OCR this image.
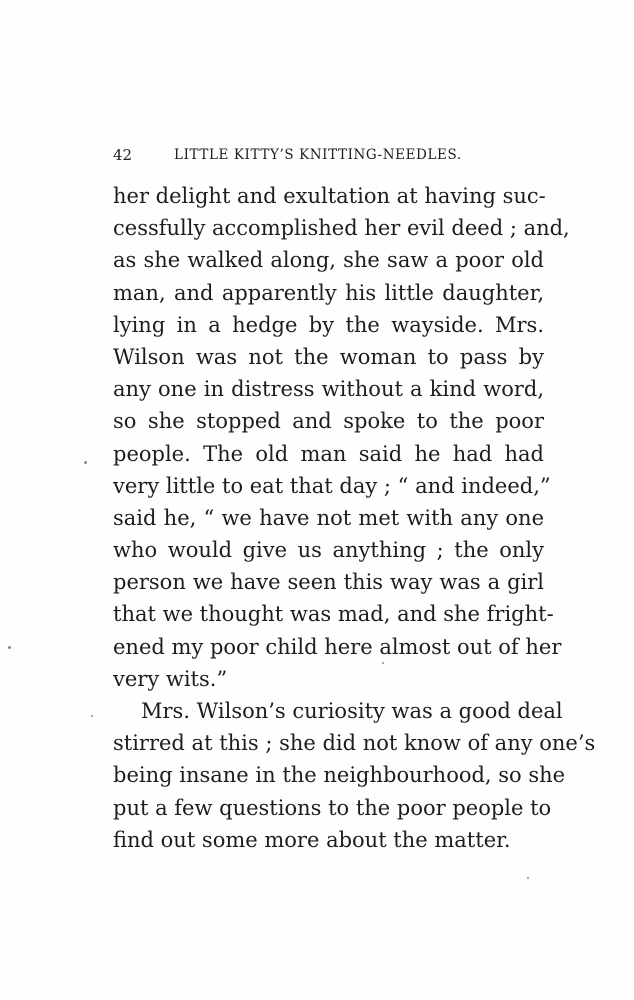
42	LITTLE KITTY’S KNITTING-NEEDLES.
her delight and exultation at having suc-
cessfully accomplished her evil deed ; and,
as she walked along, she saw a poor old
man, and apparently his little daughter,
lying in a hedge by the wayside. Mrs.
Wilson was not the woman to pass by
any one in distress without a kind word,
so she stopped and spoke to the poor
people. The old man said he had had
very little to eat that day ; “ and indeed,”
said he, “ we have not met with any one
who would give us anything ; the only
person we have seen this way was a girl
that we thought was mad, and she fright-
ened my poor child here almost out of her
very wits.”
Mrs. Wilson’s curiosity was a good deal
stirred at this ; she did not know of any one’s
being insane in the neighbourhood, so she
put a few questions to the poor people to
find out some more about the matter.
